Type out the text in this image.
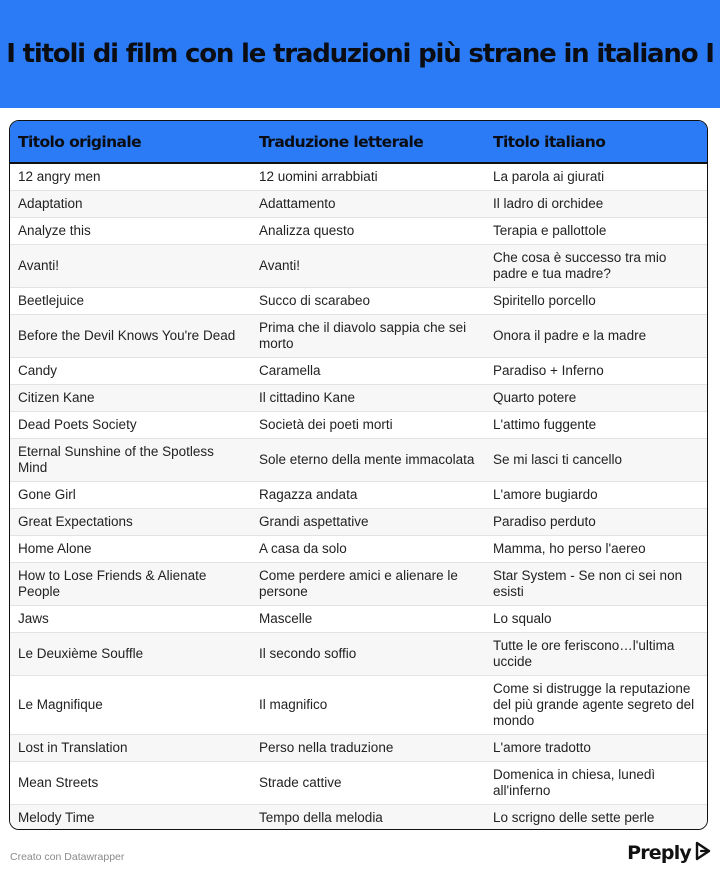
I titoli di film con le traduzioni più strane in italiano I
Titolo originale	Traduzione letterale	Titolo italiano
12 angry men	12 uomini arrabbiati	La parola ai giurati
Adaptation	Adattamento	Il ladro di orchidee
Analyze this	Analizza questo	Terapia e pallottole
Avanti!	Avanti!	Che cosa è successo tra mio padre e tua madre?
Beetlejuice	Succo di scarabeo	Spiritello porcello
Before the Devil Knows You're Dead	Prima che il diavolo sappia che sei morto	Onora il padre e la madre
Candy	Caramella	Paradiso + Inferno
Citizen Kane	Il cittadino Kane	Quarto potere
Dead Poets Society	Società dei poeti morti	L'attimo fuggente
Eternal Sunshine of the Spotless Mind	Sole eterno della mente immacolata	Se mi lasci ti cancello
Gone Girl	Ragazza andata	L'amore bugiardo
Great Expectations	Grandi aspettative	Paradiso perduto
Home Alone	A casa da solo	Mamma, ho perso l'aereo
How to Lose Friends & Alienate People	Come perdere amici e alienare le persone	Star System - Se non ci sei non esisti
Jaws	Mascelle	Lo squalo
Le Deuxième Souffle	Il secondo soffio	Tutte le ore feriscono…l'ultima uccide
Le Magnifique	Il magnifico	Come si distrugge la reputazione del più grande agente segreto del mondo
Lost in Translation	Perso nella traduzione	L'amore tradotto
Mean Streets	Strade cattive	Domenica in chiesa, lunedì all'inferno
Melody Time	Tempo della melodia	Lo scrigno delle sette perle
Creato con Datawrapper	Preply
